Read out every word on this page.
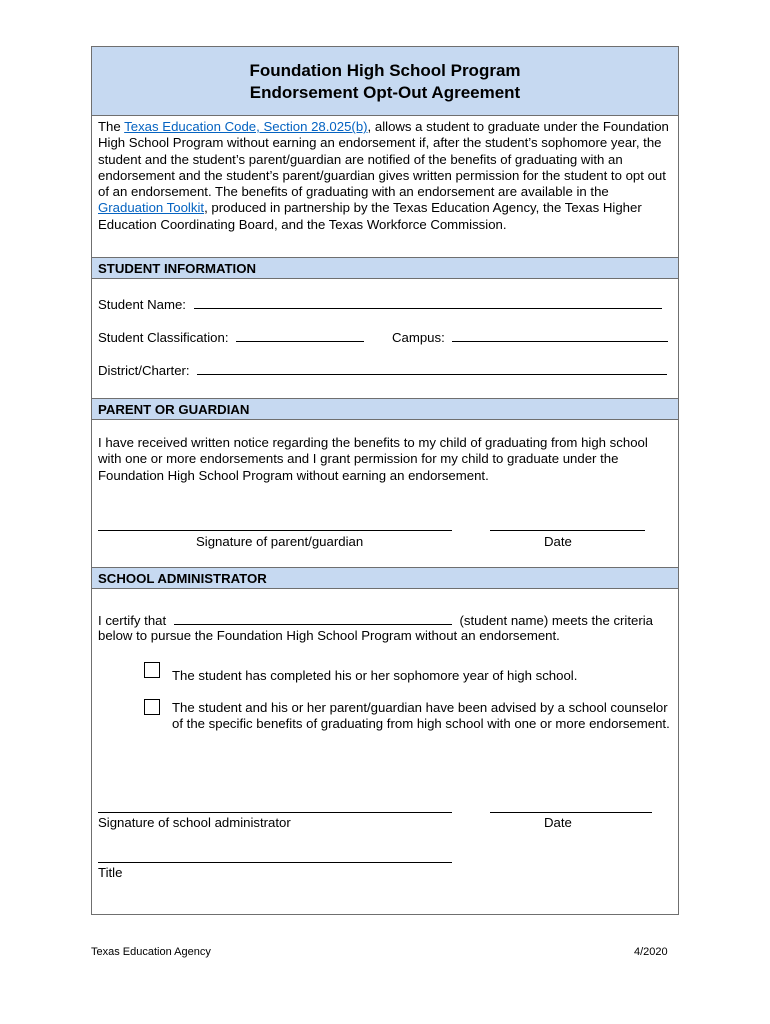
Foundation High School Program
Endorsement Opt-Out Agreement
The Texas Education Code, Section 28.025(b), allows a student to graduate under the Foundation High School Program without earning an endorsement if, after the student’s sophomore year, the student and the student’s parent/guardian are notified of the benefits of graduating with an endorsement and the student’s parent/guardian gives written permission for the student to opt out of an endorsement. The benefits of graduating with an endorsement are available in the Graduation Toolkit, produced in partnership by the Texas Education Agency, the Texas Higher Education Coordinating Board, and the Texas Workforce Commission.
STUDENT INFORMATION
Student Name:
Student Classification:	Campus:
District/Charter:
PARENT OR GUARDIAN
I have received written notice regarding the benefits to my child of graduating from high school with one or more endorsements and I grant permission for my child to graduate under the Foundation High School Program without earning an endorsement.
Signature of parent/guardian	Date
SCHOOL ADMINISTRATOR
I certify that	(student name) meets the criteria
below to pursue the Foundation High School Program without an endorsement.
The student has completed his or her sophomore year of high school.
The student and his or her parent/guardian have been advised by a school counselor of the specific benefits of graduating from high school with one or more endorsement.
Signature of school administrator	Date
Title
Texas Education Agency	4/2020
